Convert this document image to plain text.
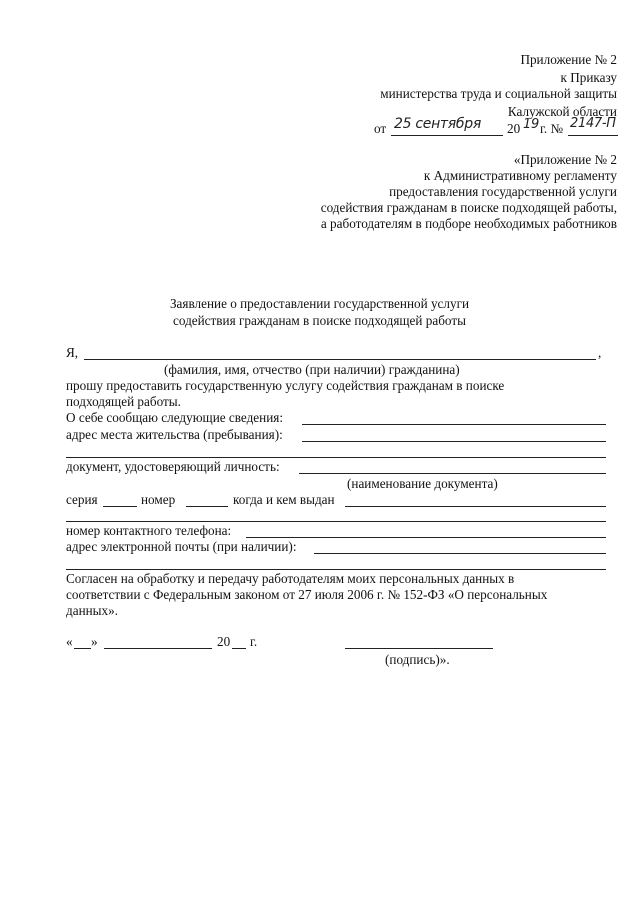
Приложение № 2
к Приказу
министерства труда и социальной защиты
Калужской области
от 25 сентября 20 19 г. № 2147-П
«Приложение № 2
к Административному регламенту
предоставления государственной услуги
содействия гражданам в поиске подходящей работы,
а работодателям в подборе необходимых работников
Заявление о предоставлении государственной услуги
содействия гражданам в поиске подходящей работы
Я,	,
(фамилия, имя, отчество (при наличии) гражданина)
прошу предоставить государственную услугу содействия гражданам в поиске
подходящей работы.
О себе сообщаю следующие сведения:
адрес места жительства (пребывания):
документ, удостоверяющий личность:
(наименование документа)
серия	номер	когда и кем выдан
номер контактного телефона:
адрес электронной почты (при наличии):
Согласен на обработку и передачу работодателям моих персональных данных в
соответствии с Федеральным законом от 27 июля 2006 г. № 152-ФЗ «О персональных
данных».
« »	20 г.
(подпись)».
